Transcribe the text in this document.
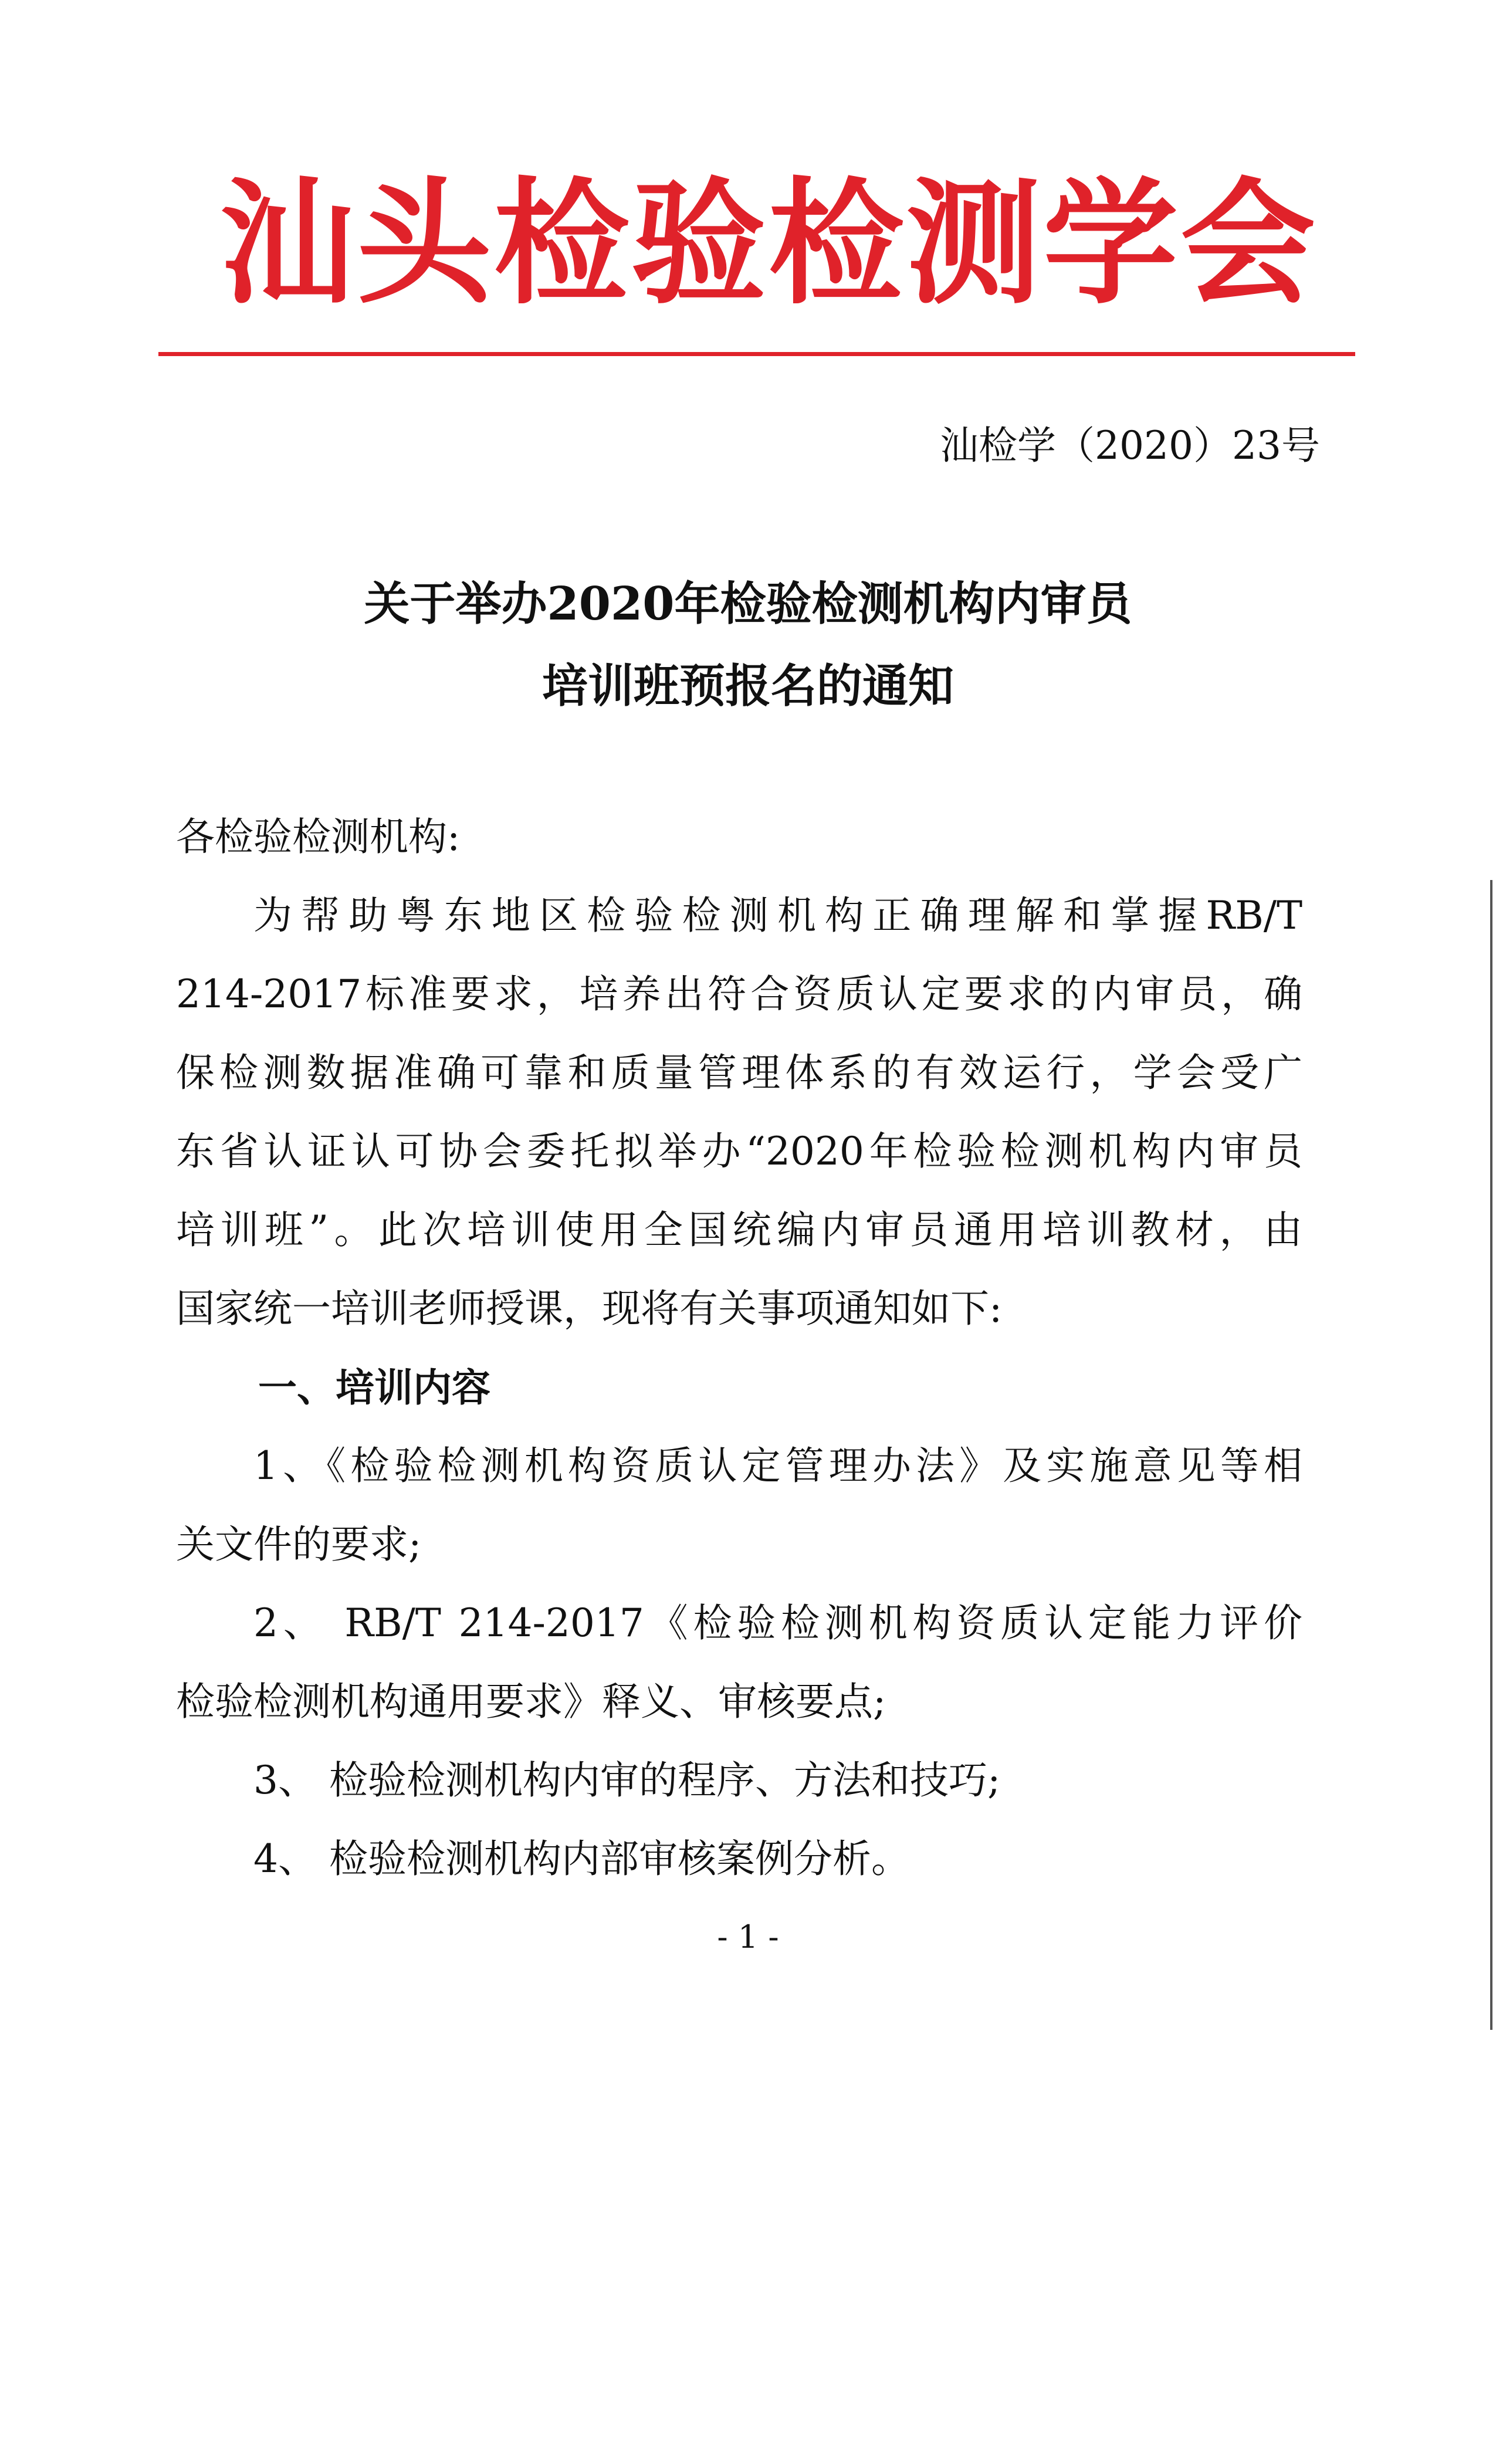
汕头检验检测学会
汕检学（2020）23号
关于举办2020年检验检测机构内审员
培训班预报名的通知
各检验检测机构:
为帮助粤东地区检验检测机构正确理解和掌握RB/T
214-2017标准要求，培养出符合资质认定要求的内审员，确
保检测数据准确可靠和质量管理体系的有效运行，学会受广
东省认证认可协会委托拟举办“2020年检验检测机构内审员
培训班”。此次培训使用全国统编内审员通用培训教材，由
国家统一培训老师授课，现将有关事项通知如下:
一、培训内容
1、《检验检测机构资质认定管理办法》及实施意见等相
关文件的要求;
2、 RB/T 214-2017《检验检测机构资质认定能力评价
检验检测机构通用要求》释义、审核要点;
3、 检验检测机构内审的程序、方法和技巧;
4、 检验检测机构内部审核案例分析。
- 1 -
